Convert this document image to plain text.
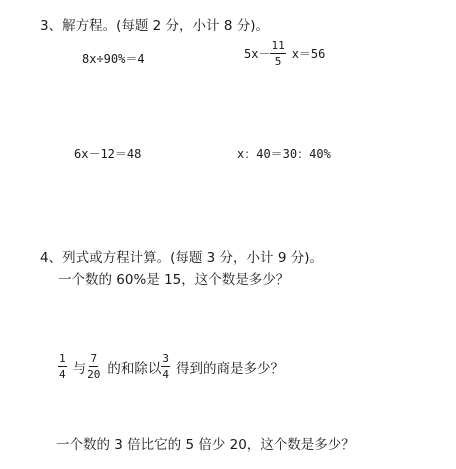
3、解方程。(每题 2 分，小计 8 分)。
8x÷90%＝4	$5x- \frac{11}{5} x=56$
6x－12＝48	x：40＝30：40%
4、列式或方程计算。(每题 3 分，小计 9 分)。
一个数的 60%是 15，这个数是多少？
$\frac{1}{4}$ 与 $\frac{7}{20}$ 的和除以 $\frac{3}{4}$ 得到的商是多少？
一个数的 3 倍比它的 5 倍少 20，这个数是多少？
